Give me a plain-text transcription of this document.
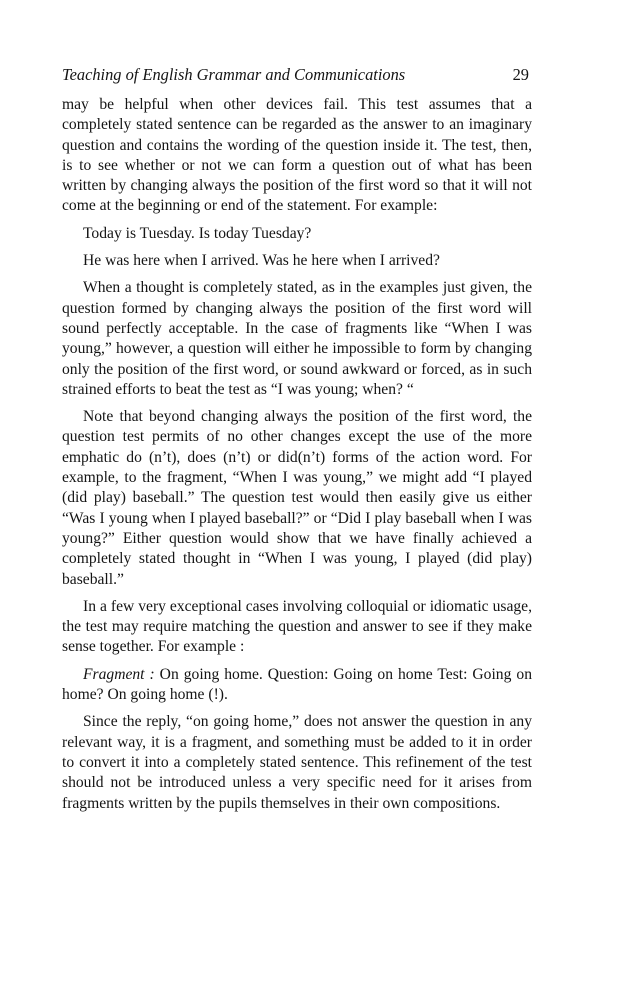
Teaching of English Grammar and Communications	29

may be helpful when other devices fail. This test assumes that a completely stated sentence can be regarded as the answer to an imaginary question and contains the wording of the question inside it. The test, then, is to see whether or not we can form a question out of what has been written by changing always the position of the first word so that it will not come at the beginning or end of the statement. For example:

Today is Tuesday. Is today Tuesday?

He was here when I arrived. Was he here when I arrived?

When a thought is completely stated, as in the examples just given, the question formed by changing always the position of the first word will sound perfectly acceptable. In the case of fragments like “When I was young,” however, a question will either he impossible to form by changing only the position of the first word, or sound awkward or forced, as in such strained efforts to beat the test as “I was young; when? “

Note that beyond changing always the position of the first word, the question test permits of no other changes except the use of the more emphatic do (n’t), does (n’t) or did(n’t) forms of the action word. For example, to the fragment, “When I was young,” we might add “I played (did play) baseball.” The question test would then easily give us either “Was I young when I played baseball?” or “Did I play baseball when I was young?” Either question would show that we have finally achieved a completely stated thought in “When I was young, I played (did play) baseball.”

In a few very exceptional cases involving colloquial or idiomatic usage, the test may require matching the question and answer to see if they make sense together. For example :

Fragment : On going home. Question: Going on home Test: Going on home? On going home (!).

Since the reply, “on going home,” does not answer the question in any relevant way, it is a fragment, and something must be added to it in order to convert it into a completely stated sentence. This refinement of the test should not be introduced unless a very specific need for it arises from fragments written by the pupils themselves in their own compositions.
